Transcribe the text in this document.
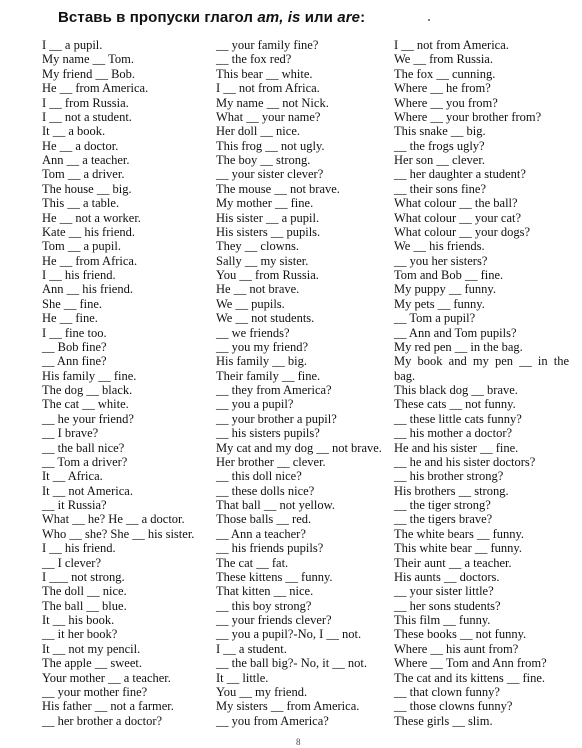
Вставь в пропуски глагол am, is или are:
I __ a pupil.
My name __ Tom.
My friend __ Bob.
He __ from America.
I __ from Russia.
I __ not a student.
It __ a book.
He __ a doctor.
Ann __ a teacher.
Tom __ a driver.
The house __ big.
This __ a table.
He __ not a worker.
Kate __ his friend.
Tom __ a pupil.
He __ from Africa.
I __ his friend.
Ann __ his friend.
She __ fine.
He __ fine.
I __ fine too.
__ Bob fine?
__ Ann fine?
His family __ fine.
The dog __ black.
The cat __ white.
__ he your friend?
__ I brave?
__ the ball nice?
__ Tom a driver?
It __ Africa.
It __ not America.
__ it Russia?
What __ he? He __ a doctor.
Who __ she? She __ his sister.
I __ his friend.
__ I clever?
I ___ not strong.
The doll __ nice.
The ball __ blue.
It __ his book.
__ it her book?
It __ not my pencil.
The apple __ sweet.
Your mother __ a teacher.
__ your mother fine?
His father __ not a farmer.
__ her brother a doctor?
__ your family fine?
__ the fox red?
This bear __ white.
I __ not from Africa.
My name __ not Nick.
What __ your name?
Her doll __ nice.
This frog __ not ugly.
The boy __ strong.
__ your sister clever?
The mouse __ not brave.
My mother __ fine.
His sister __ a pupil.
His sisters __ pupils.
They __ clowns.
Sally __ my sister.
You __ from Russia.
He __ not brave.
We __ pupils.
We __ not students.
__ we friends?
__ you my friend?
His family __ big.
Their family __ fine.
__ they from America?
__ you a pupil?
__ your brother a pupil?
__ his sisters pupils?
My cat and my dog __ not brave.
Her brother __ clever.
__ this doll nice?
__ these dolls nice?
That ball __ not yellow.
Those balls __ red.
__ Ann a teacher?
__ his friends pupils?
The cat __ fat.
These kittens __ funny.
That kitten __ nice.
__ this boy strong?
__ your friends clever?
__ you a pupil?-No, I __ not.
I __ a student.
__ the ball big?- No, it __ not.
It __ little.
You __ my friend.
My sisters __ from America.
__ you from America?
I __ not from America.
We __ from Russia.
The fox __ cunning.
Where __ he from?
Where __ you from?
Where __ your brother from?
This snake __ big.
__ the frogs ugly?
Her son __ clever.
__ her daughter a student?
__ their sons fine?
What colour __ the ball?
What colour __ your cat?
What colour __ your dogs?
We __ his friends.
__ you her sisters?
Tom and Bob __ fine.
My puppy __ funny.
My pets __ funny.
__ Tom a pupil?
__ Ann and Tom pupils?
My red pen __ in the bag.
My book and my pen __ in the
bag.
This black dog __ brave.
These cats __ not funny.
__ these little cats funny?
__ his mother a doctor?
He and his sister __ fine.
__ he and his sister doctors?
__ his brother strong?
His brothers __ strong.
__ the tiger strong?
__ the tigers brave?
The white bears __ funny.
This white bear __ funny.
Their aunt __ a teacher.
His aunts __ doctors.
__ your sister little?
__ her sons students?
This film __ funny.
These books __ not funny.
Where __ his aunt from?
Where __ Tom and Ann from?
The cat and its kittens __ fine.
__ that clown funny?
__ those clowns funny?
These girls __ slim.
8
